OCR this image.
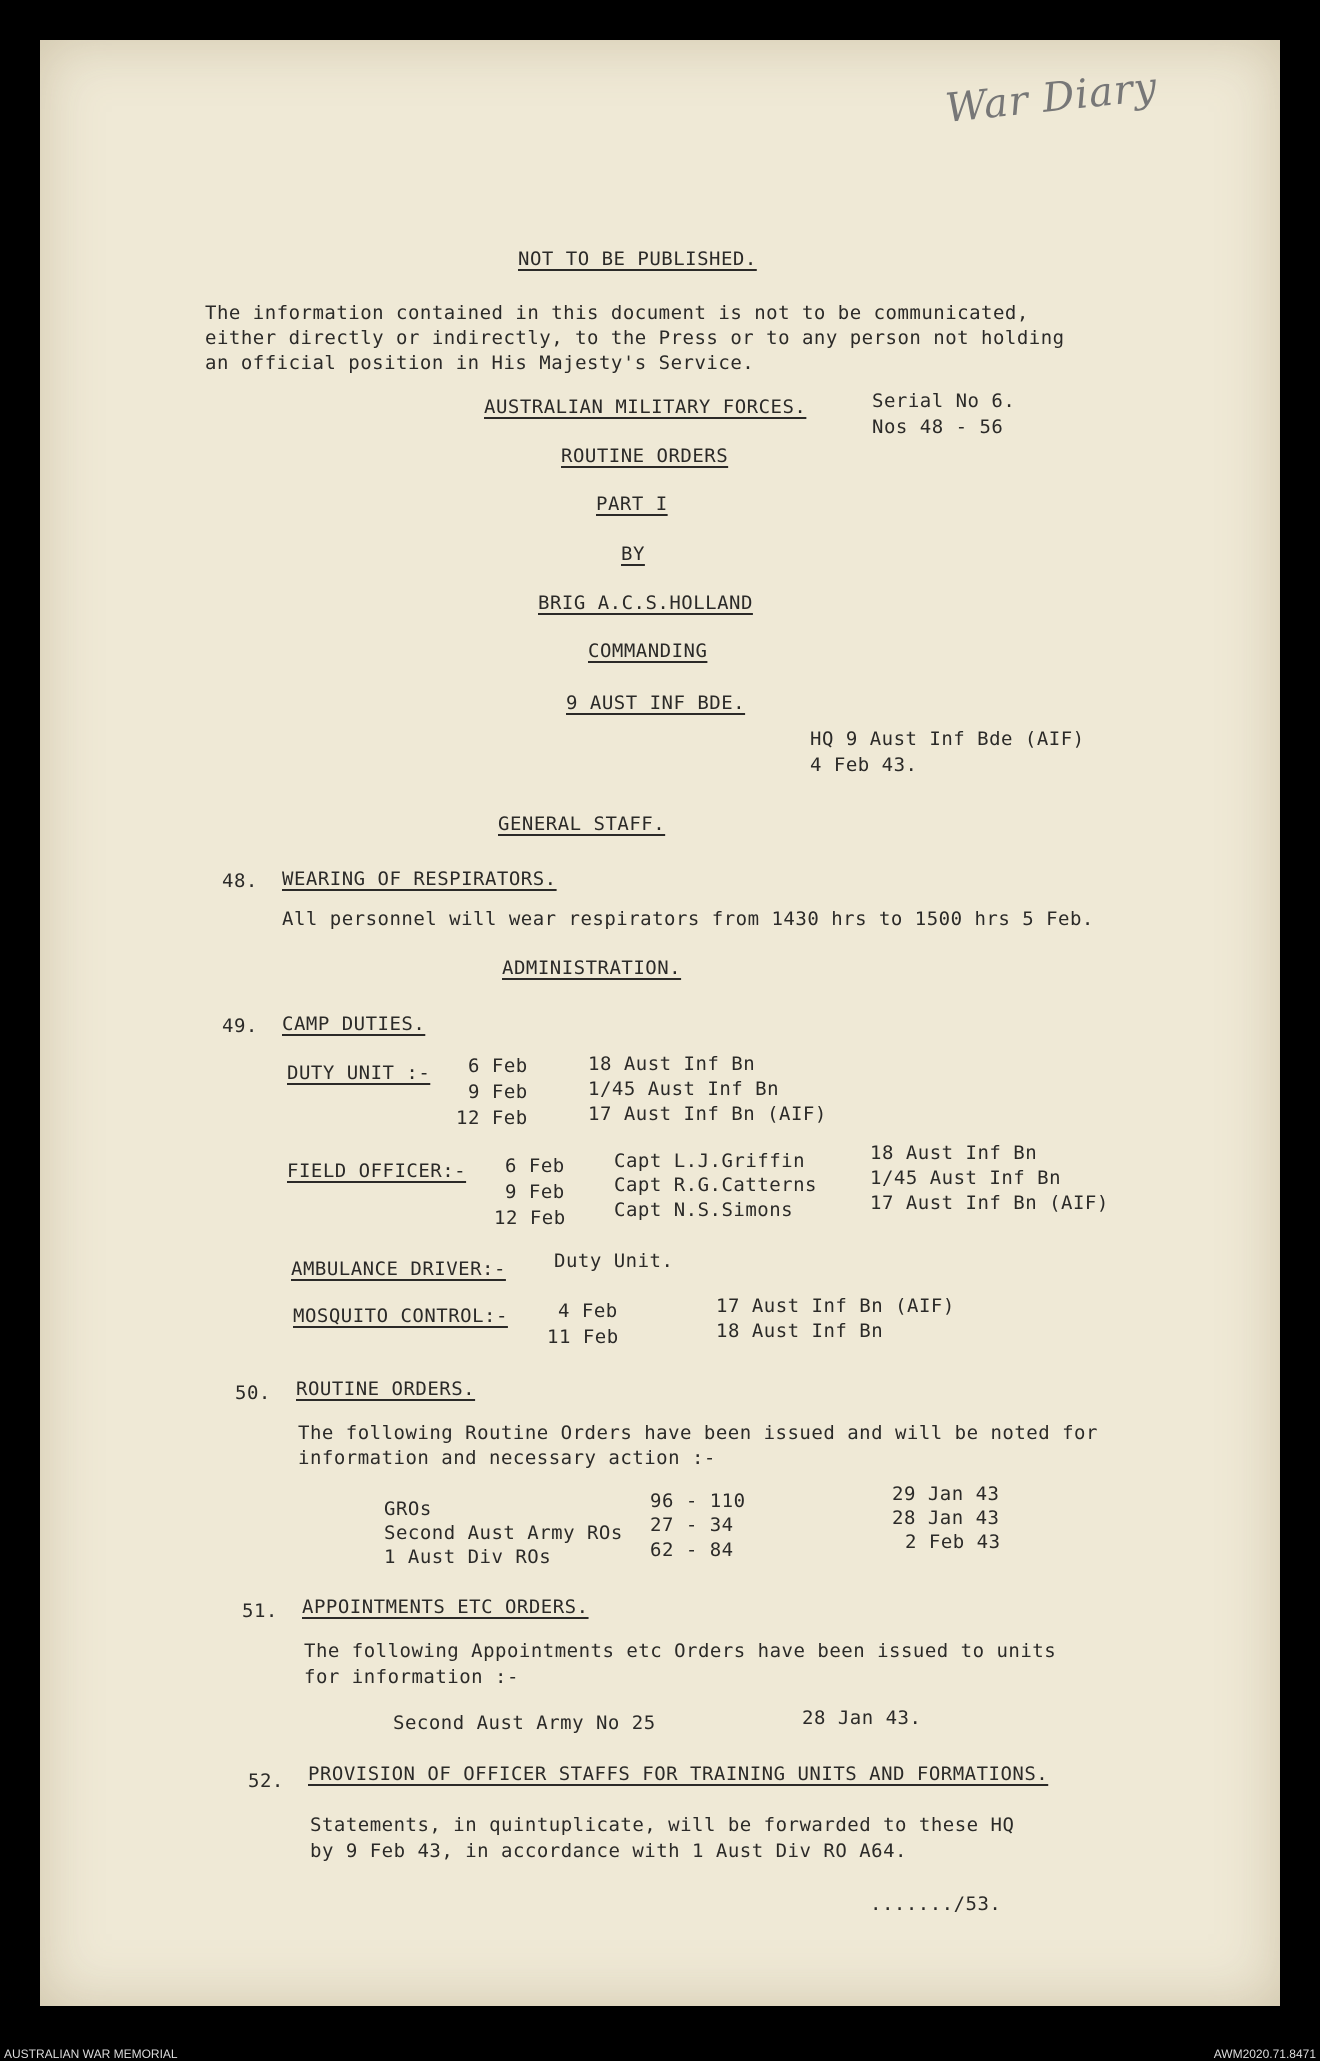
War Diary
NOT TO BE PUBLISHED.
The information contained in this document is not to be communicated,
either directly or indirectly, to the Press or to any person not holding
an official position in His Majesty's Service.
AUSTRALIAN MILITARY FORCES.	Serial No 6.
Nos 48 - 56
ROUTINE ORDERS
PART I
BY
BRIG A.C.S.HOLLAND
COMMANDING
9 AUST INF BDE.
HQ 9 Aust Inf Bde (AIF)
4 Feb 43.
GENERAL STAFF.
48. WEARING OF RESPIRATORS.
All personnel will wear respirators from 1430 hrs to 1500 hrs 5 Feb.
ADMINISTRATION.
49. CAMP DUTIES.
DUTY UNIT :- 6 Feb	18 Aust Inf Bn
9 Feb	1/45 Aust Inf Bn
12 Feb	17 Aust Inf Bn (AIF)
FIELD OFFICER:- 6 Feb	Capt L.J.Griffin	18 Aust Inf Bn
9 Feb	Capt R.G.Catterns	1/45 Aust Inf Bn
12 Feb	Capt N.S.Simons	17 Aust Inf Bn (AIF)
AMBULANCE DRIVER:-	Duty Unit.
MOSQUITO CONTROL:-	4 Feb	17 Aust Inf Bn (AIF)
11 Feb	18 Aust Inf Bn
50. ROUTINE ORDERS.
The following Routine Orders have been issued and will be noted for
information and necessary action :-
GROs	96 - 110	29 Jan 43
Second Aust Army ROs 27 - 34	28 Jan 43
1 Aust Div ROs	62 - 84	2 Feb 43
51. APPOINTMENTS ETC ORDERS.
The following Appointments etc Orders have been issued to units
for information :-
Second Aust Army No 25	28 Jan 43.
52. PROVISION OF OFFICER STAFFS FOR TRAINING UNITS AND FORMATIONS.
Statements, in quintuplicate, will be forwarded to these HQ
by 9 Feb 43, in accordance with 1 Aust Div RO A64.
......./53.
AUSTRALIAN WAR MEMORIAL	AWM2020.71.8471
